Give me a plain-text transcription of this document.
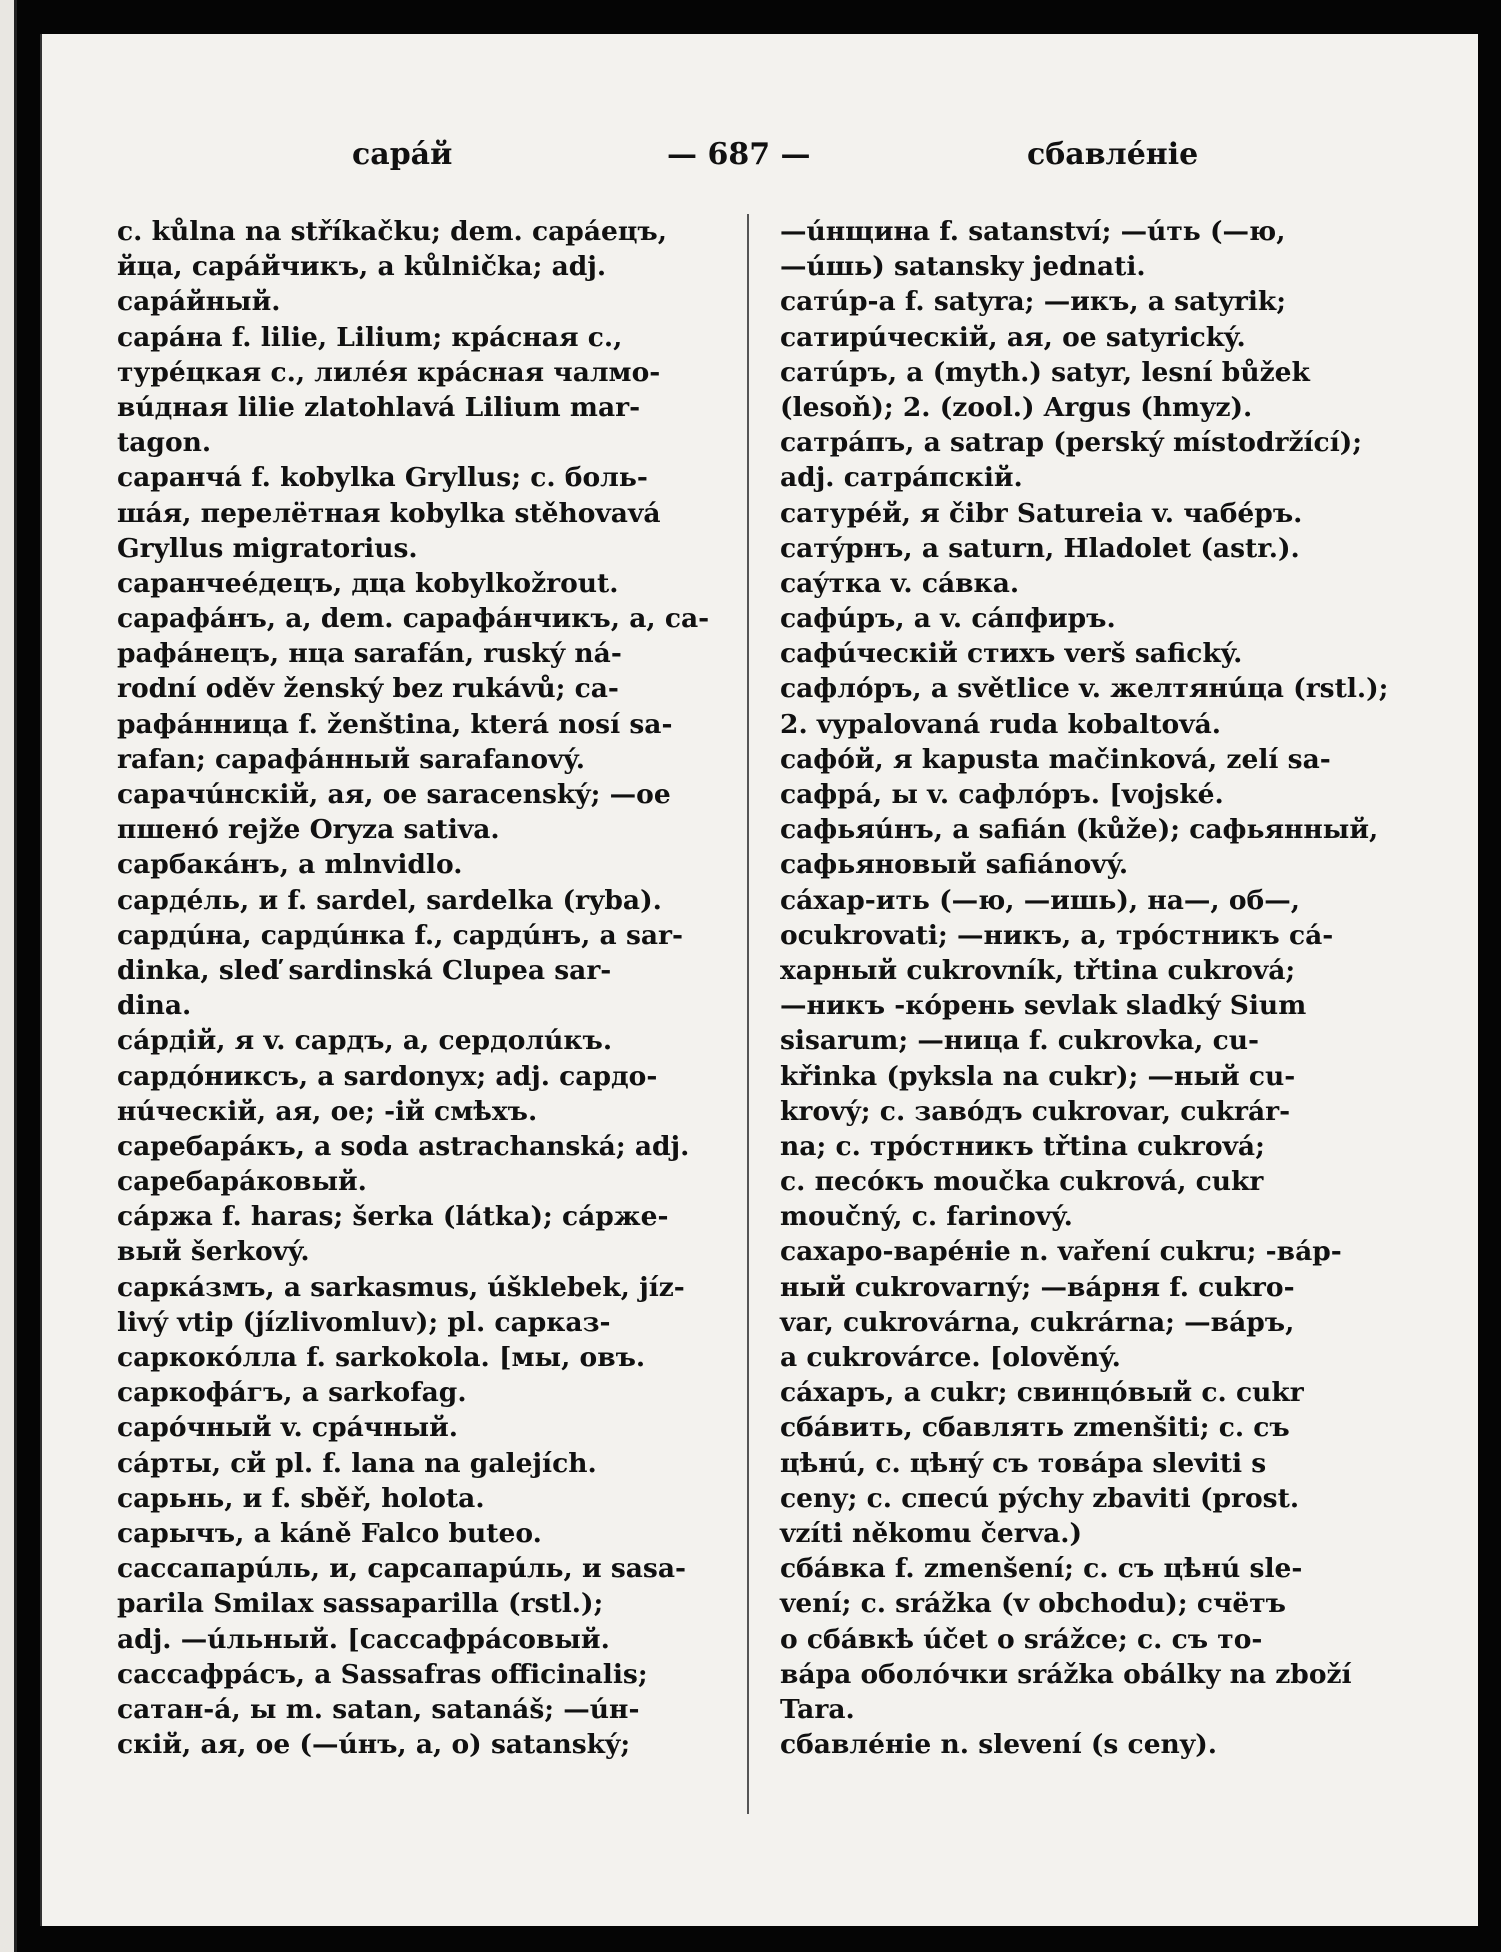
сарáй	— 687 —	сбавлéніе
c. kůlna na stříkačku; dem. сарáецъ,
йца, сарáйчикъ, a kůlnička; adj.
сарáйный.
сарáна f. lilie, Lilium; крáсная с.,
турéцкая с., лилéя крáсная чалмо-
вúдная lilie zlatohlavá Lilium mar-
tagon.
саранчá f. kobylka Gryllus; с. боль-
шáя, перелётная kobylka stěhovavá
Gryllus migratorius.
саранчеéдецъ, дца kobylkožrout.
сарафáнъ, a, dem. сарафáнчикъ, a, са-
рафáнецъ, нца sarafán, ruský ná-
rodní oděv ženský bez rukávů; са-
рафáнница f. ženština, která nosí sa-
rafan; сарафáнный sarafanový.
сарачúнскій, ая, ое saracenský; —ое
пшенó rejže Oryza sativa.
сарбакáнъ, a mlnvidlo.
сардéль, и f. sardel, sardelka (ryba).
сардúна, сардúнка f., сардúнъ, a sar-
dinka, sleď sardinská Clupea sar-
dina.
сáрдій, я v. сардъ, а, сердолúкъ.
сардóниксъ, a sardonyx; adj. сардо-
нúческій, ая, ое; -ій смѣхъ.
саребарáкъ, a soda astrachanská; adj.
саребарáковый.
сáржа f. haras; šerka (látka); сáрже-
вый šerkový.
саркáзмъ, a sarkasmus, úšklebek, jíz-
livý vtip (jízlivomluv); pl. сарказ-
саркокóлла f. sarkokola. [мы, овъ.
саркофáгъ, a sarkofag.
сарóчный v. срáчный.
сáрты, сй pl. f. lana na galejích.
сарьнь, и f. sběř, holota.
сарычъ, a káně Falco buteo.
сассапарúль, и, сарсапарúль, и sasa-
parila Smilax sassaparilla (rstl.);
adj. —úльный. [сассафрáсовый.
сассафрáсъ, a Sassafras officinalis;
сатан-á, ы m. satan, satanáš; —úн-
скій, ая, ое (—úнъ, а, о) satanský;
—úнщина f. satanství; —úть (—ю,
—úшь) satansky jednati.
сатúр-а f. satyra; —икъ, a satyrik;
сатирúческій, ая, ое satyrický.
сатúръ, a (myth.) satyr, lesní bůžek
(lesoň); 2. (zool.) Argus (hmyz).
сатрáпъ, a satrap (perský místodržící);
adj. сатрáпскій.
сатурéй, я čibr Satureia v. чабéръ.
сатýрнъ, a saturn, Hladolet (astr.).
саýтка v. сáвка.
сафúръ, a v. сáпфиръ.
сафúческій стихъ verš safický.
сафлóръ, a světlice v. желтянúца (rstl.);
2. vypalovaná ruda kobaltová.
сафóй, я kapusta mačinková, zelí sa-
сафрá, ы v. сафлóръ. [vojské.
сафьяúнъ, a safián (kůže); сафьянный,
сафьяновый safiánový.
сáхар-ить (—ю, —ишь), на—, об—,
ocukrovati; —никъ, a, трóстникъ сá-
харный cukrovník, třtina cukrová;
—никъ -кóрень sevlak sladký Sium
sisarum; —ница f. cukrovka, cu-
křinka (pyksla na cukr); —ный cu-
krový; с. завóдъ cukrovar, cukrár-
na; с. трóстникъ třtina cukrová;
с. песóкъ moučka cukrová, cukr
moučný, с. farinový.
сахаро-варéніе n. vaření cukru; -вáр-
ный cukrovarný; —вáрня f. cukro-
var, cukrovárna, cukrárna; —вáръ,
a cukrovárce. [olověný.
сáхаръ, a cukr; свинцóвый с. cukr
сбáвить, сбавлять zmenšiti; с. съ
цѣнú, с. цѣнý съ товáра sleviti s
ceny; с. спесú pýchy zbaviti (prost.
vzíti někomu červa.)
сбáвка f. zmenšení; с. съ цѣнú sle-
vení; с. srážka (v obchodu); счётъ
о сбáвкѣ účet o srážce; с. съ то-
вáра оболóчки srážka obálky na zboží
Tara.
сбавлéніе n. slevení (s ceny).
